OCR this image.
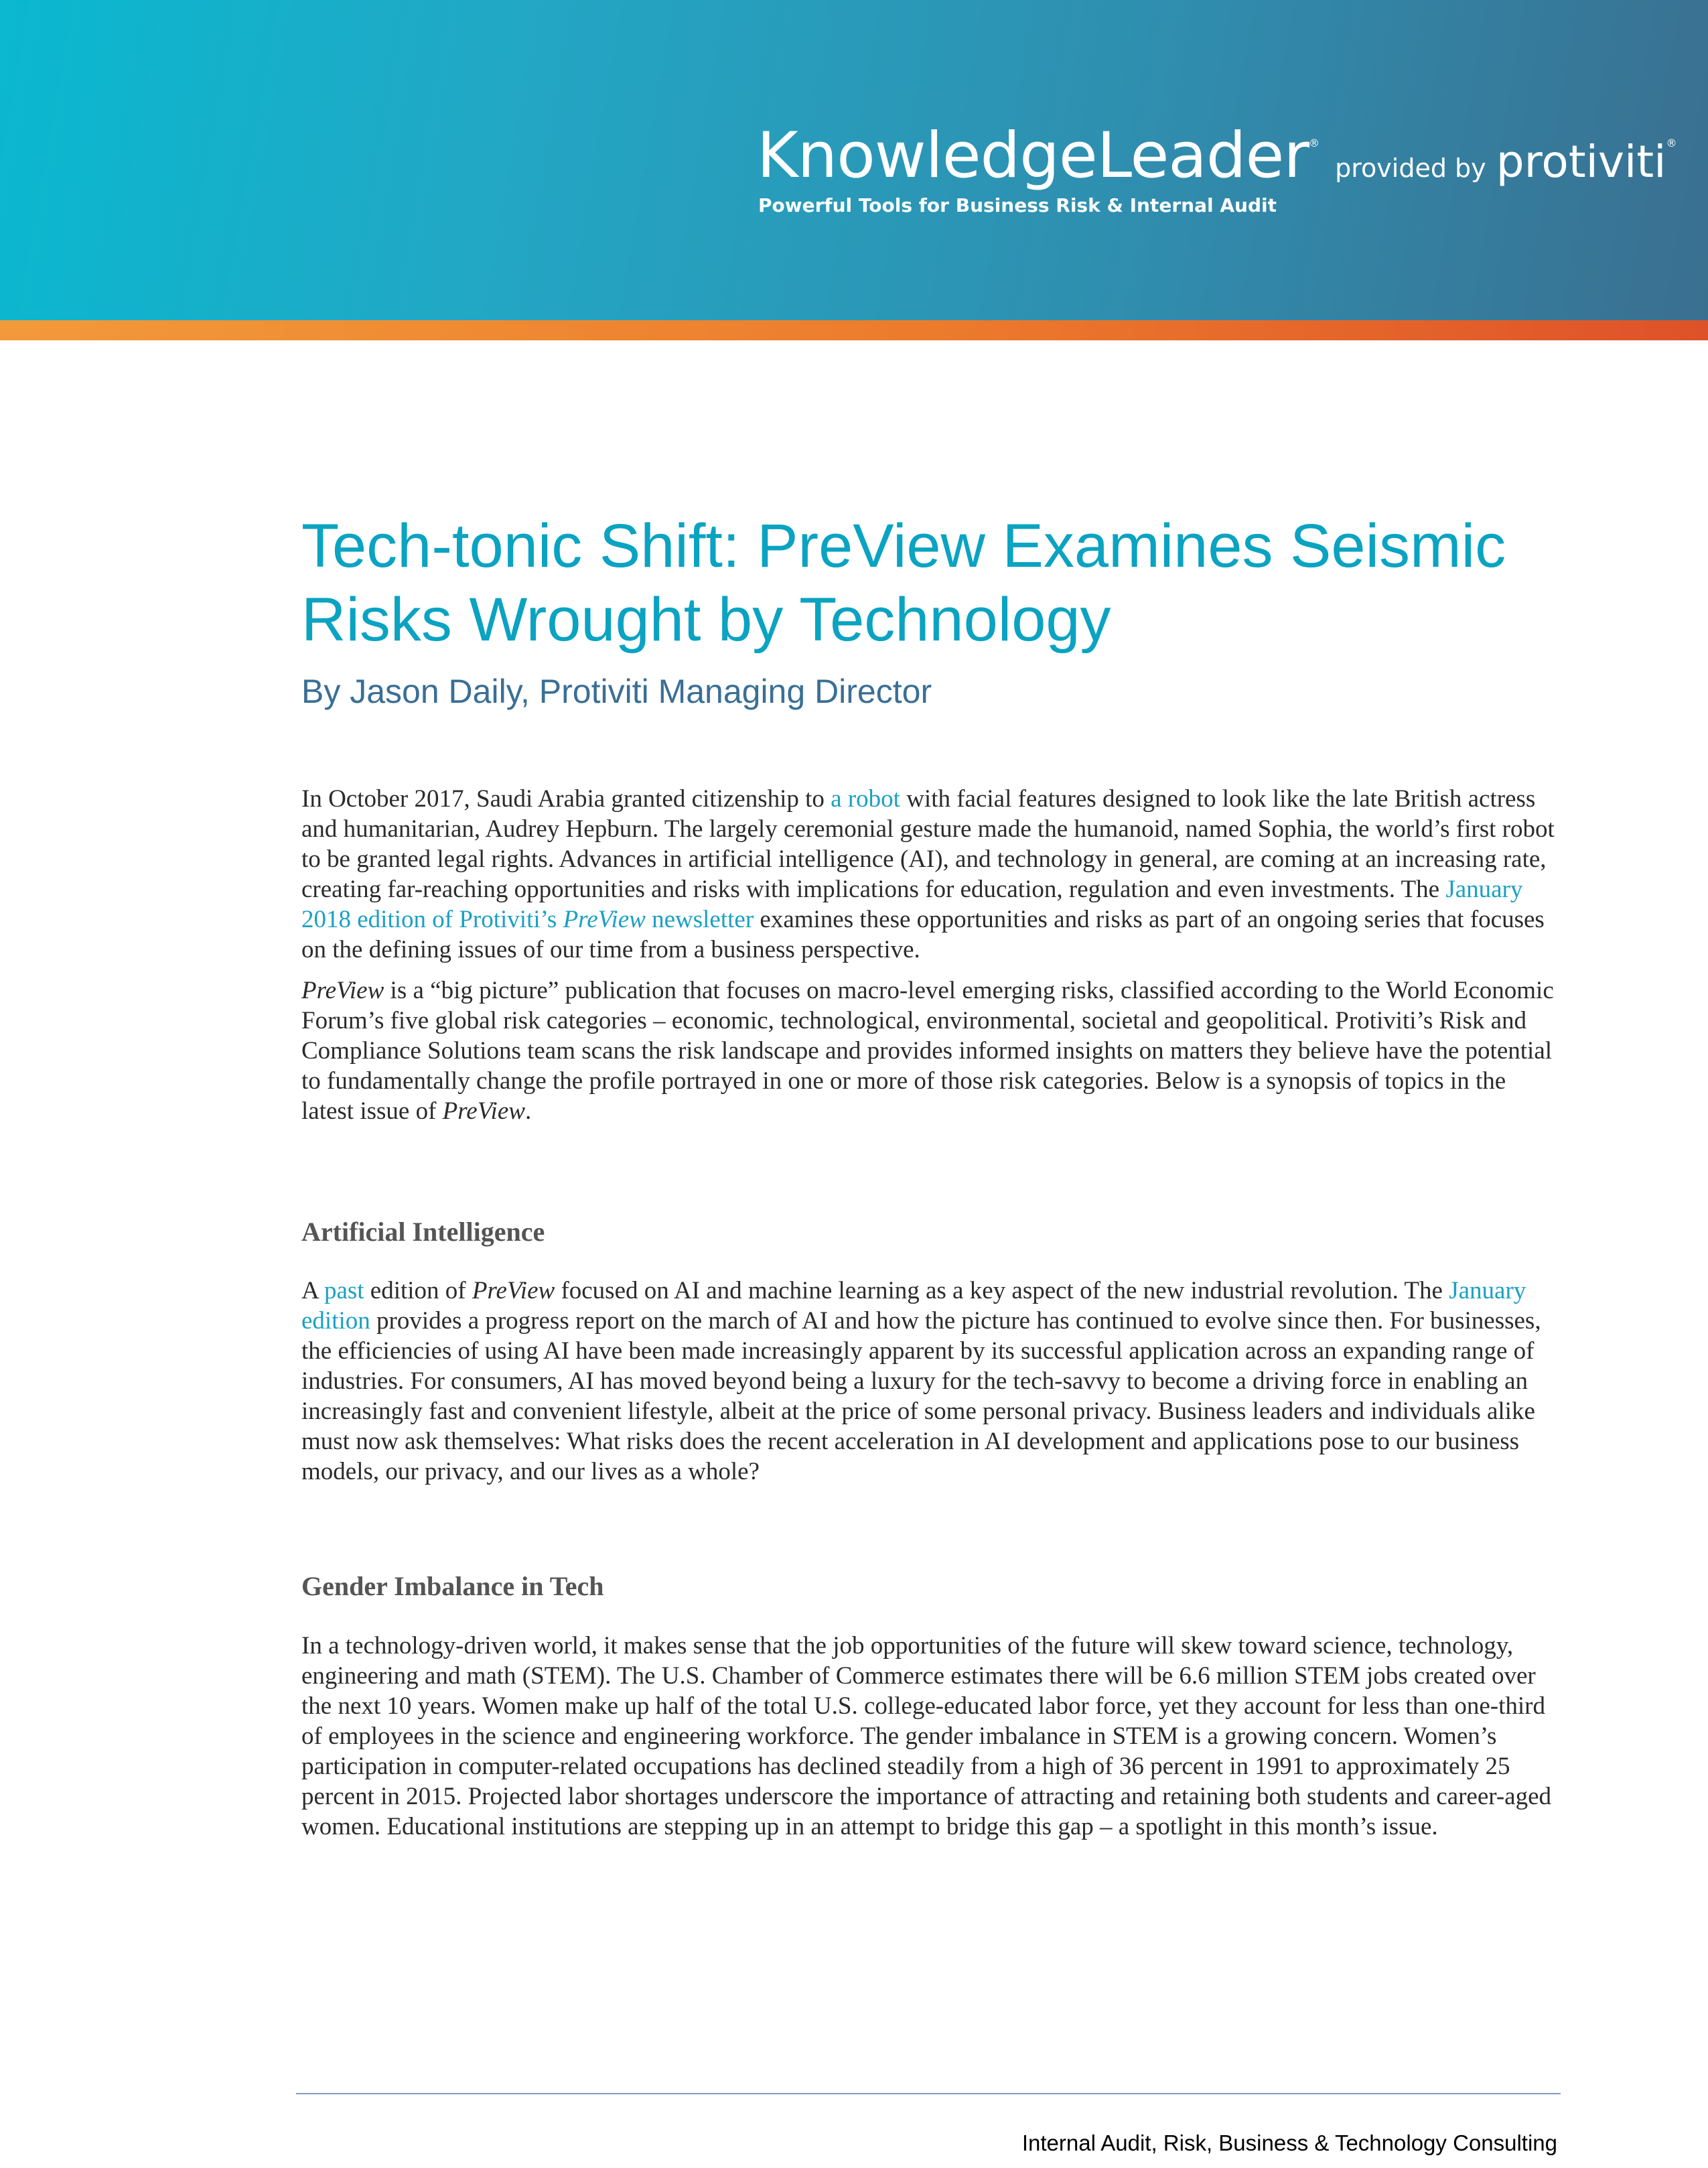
KnowledgeLeader® provided by protiviti®
Powerful Tools for Business Risk & Internal Audit
Tech-tonic Shift: PreView Examines Seismic Risks Wrought by Technology
By Jason Daily, Protiviti Managing Director

In October 2017, Saudi Arabia granted citizenship to a robot with facial features designed to look like the late British actress and humanitarian, Audrey Hepburn. The largely ceremonial gesture made the humanoid, named Sophia, the world’s first robot to be granted legal rights. Advances in artificial intelligence (AI), and technology in general, are coming at an increasing rate, creating far-reaching opportunities and risks with implications for education, regulation and even investments. The January 2018 edition of Protiviti’s PreView newsletter examines these opportunities and risks as part of an ongoing series that focuses on the defining issues of our time from a business perspective.

PreView is a “big picture” publication that focuses on macro-level emerging risks, classified according to the World Economic Forum’s five global risk categories – economic, technological, environmental, societal and geopolitical. Protiviti’s Risk and Compliance Solutions team scans the risk landscape and provides informed insights on matters they believe have the potential to fundamentally change the profile portrayed in one or more of those risk categories. Below is a synopsis of topics in the latest issue of PreView.

Artificial Intelligence

A past edition of PreView focused on AI and machine learning as a key aspect of the new industrial revolution. The January edition provides a progress report on the march of AI and how the picture has continued to evolve since then. For businesses, the efficiencies of using AI have been made increasingly apparent by its successful application across an expanding range of industries. For consumers, AI has moved beyond being a luxury for the tech-savvy to become a driving force in enabling an increasingly fast and convenient lifestyle, albeit at the price of some personal privacy. Business leaders and individuals alike must now ask themselves: What risks does the recent acceleration in AI development and applications pose to our business models, our privacy, and our lives as a whole?

Gender Imbalance in Tech

In a technology-driven world, it makes sense that the job opportunities of the future will skew toward science, technology, engineering and math (STEM). The U.S. Chamber of Commerce estimates there will be 6.6 million STEM jobs created over the next 10 years. Women make up half of the total U.S. college-educated labor force, yet they account for less than one-third of employees in the science and engineering workforce. The gender imbalance in STEM is a growing concern. Women’s participation in computer-related occupations has declined steadily from a high of 36 percent in 1991 to approximately 25 percent in 2015. Projected labor shortages underscore the importance of attracting and retaining both students and career-aged women. Educational institutions are stepping up in an attempt to bridge this gap – a spotlight in this month’s issue.

Internal Audit, Risk, Business & Technology Consulting
